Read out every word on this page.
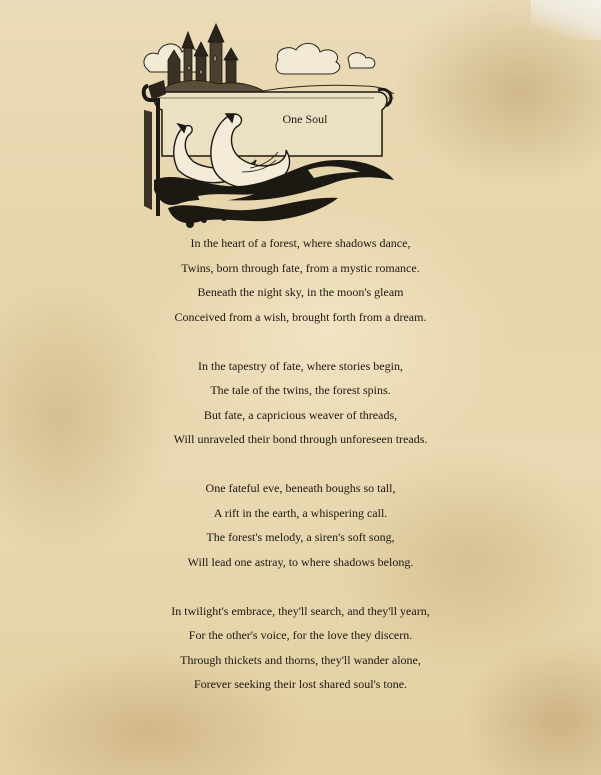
One Soul
In the heart of a forest, where shadows dance,
Twins, born through fate, from a mystic romance.
Beneath the night sky, in the moon's gleam
Conceived from a wish, brought forth from a dream.
In the tapestry of fate, where stories begin,
The tale of the twins, the forest spins.
But fate, a capricious weaver of threads,
Will unraveled their bond through unforeseen treads.
One fateful eve, beneath boughs so tall,
A rift in the earth, a whispering call.
The forest's melody, a siren's soft song,
Will lead one astray, to where shadows belong.
In twilight's embrace, they'll search, and they'll yearn,
For the other's voice, for the love they discern.
Through thickets and thorns, they'll wander alone,
Forever seeking their lost shared soul's tone.
